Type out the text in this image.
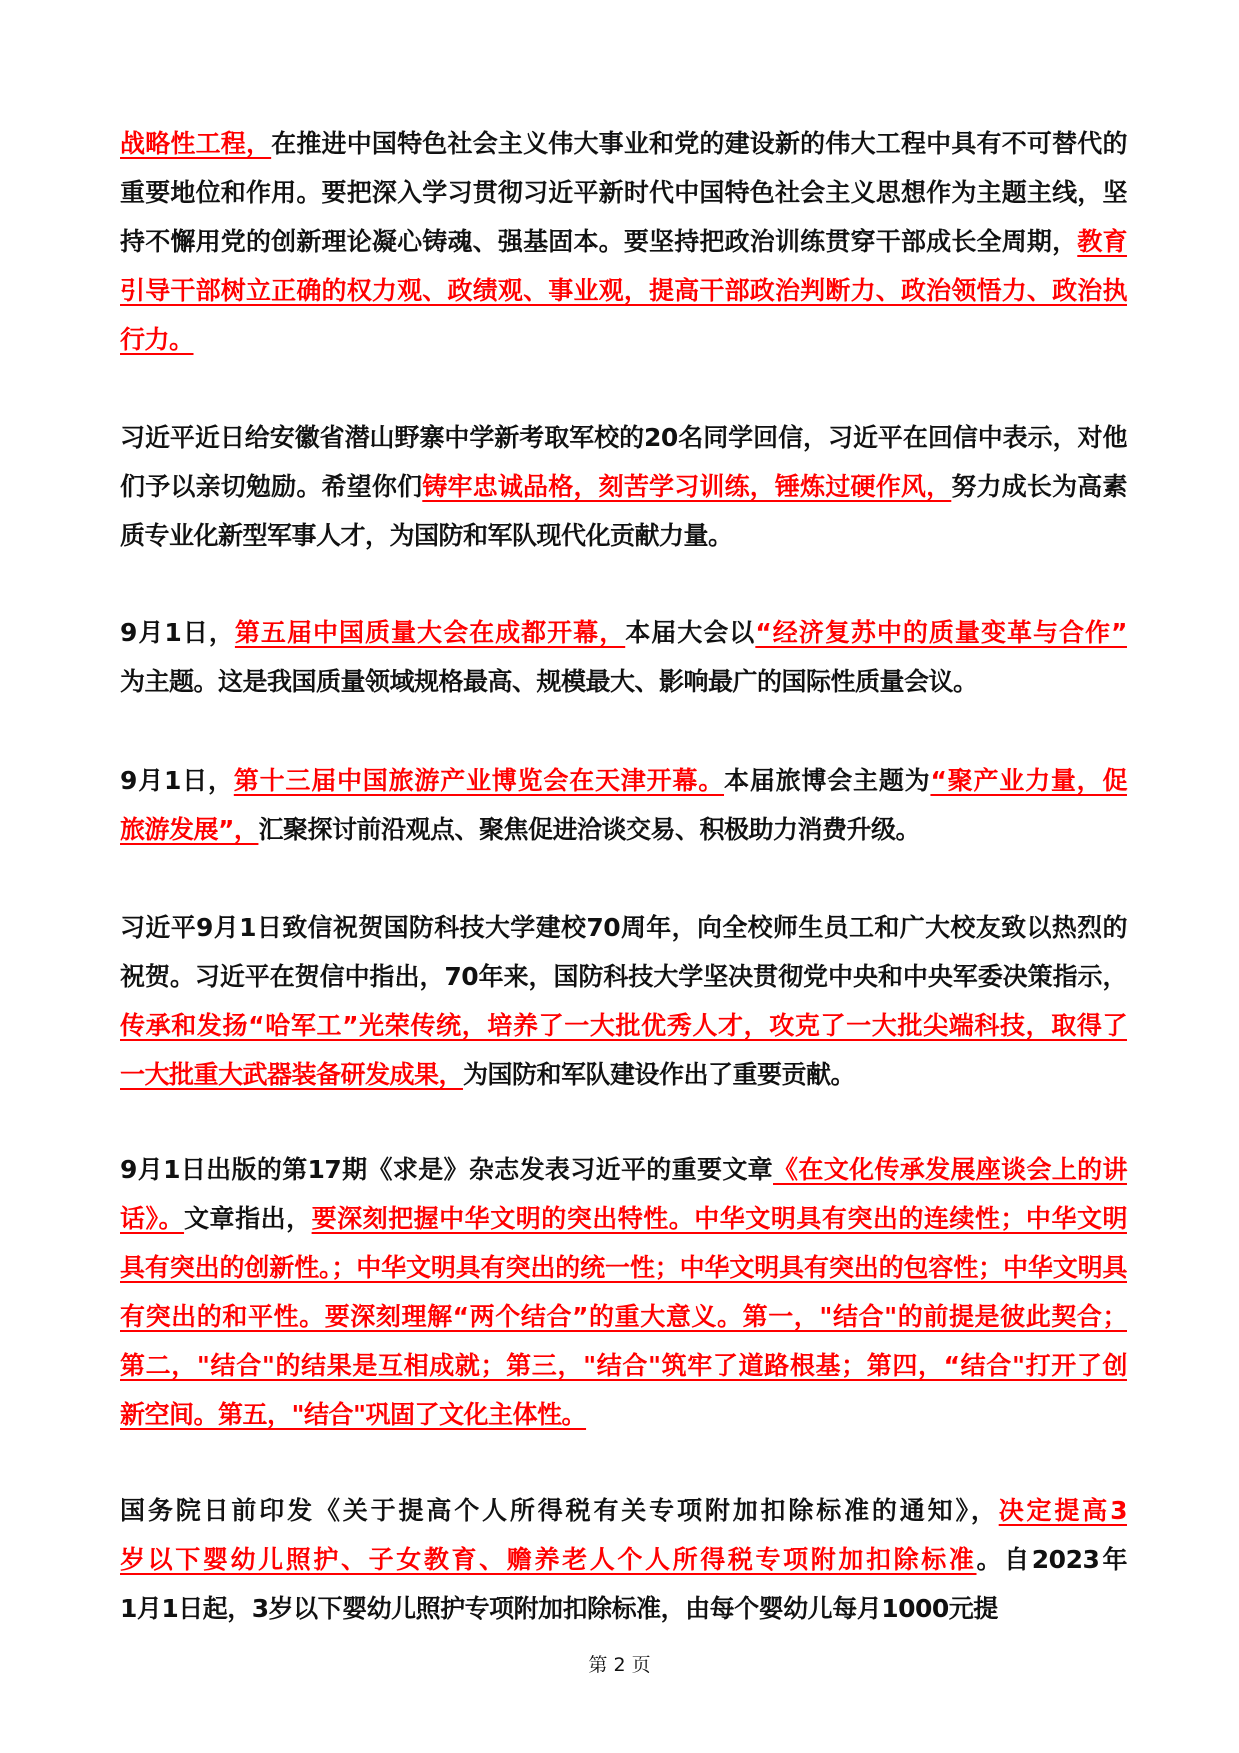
战略性工程，在推进中国特色社会主义伟大事业和党的建设新的伟大工程中具有不可替代的
重要地位和作用。要把深入学习贯彻习近平新时代中国特色社会主义思想作为主题主线，坚
持不懈用党的创新理论凝心铸魂、强基固本。要坚持把政治训练贯穿干部成长全周期，教育
引导干部树立正确的权力观、政绩观、事业观，提高干部政治判断力、政治领悟力、政治执
行力。
习近平近日给安徽省潜山野寨中学新考取军校的20名同学回信，习近平在回信中表示，对他
们予以亲切勉励。希望你们铸牢忠诚品格，刻苦学习训练，锤炼过硬作风，努力成长为高素
质专业化新型军事人才，为国防和军队现代化贡献力量。
9月1日，第五届中国质量大会在成都开幕，本届大会以“经济复苏中的质量变革与合作”
为主题。这是我国质量领域规格最高、规模最大、影响最广的国际性质量会议。
9月1日，第十三届中国旅游产业博览会在天津开幕。本届旅博会主题为“聚产业力量，促
旅游发展”，汇聚探讨前沿观点、聚焦促进洽谈交易、积极助力消费升级。
习近平9月1日致信祝贺国防科技大学建校70周年，向全校师生员工和广大校友致以热烈的
祝贺。习近平在贺信中指出，70年来，国防科技大学坚决贯彻党中央和中央军委决策指示，
传承和发扬“哈军工”光荣传统，培养了一大批优秀人才，攻克了一大批尖端科技，取得了
一大批重大武器装备研发成果，为国防和军队建设作出了重要贡献。
9月1日出版的第17期《求是》杂志发表习近平的重要文章《在文化传承发展座谈会上的讲
话》。文章指出，要深刻把握中华文明的突出特性。中华文明具有突出的连续性；中华文明
具有突出的创新性。；中华文明具有突出的统一性；中华文明具有突出的包容性；中华文明具
有突出的和平性。要深刻理解“两个结合”的重大意义。第一，"结合"的前提是彼此契合；
第二，"结合"的结果是互相成就；第三，"结合"筑牢了道路根基；第四，“结合"打开了创
新空间。第五，"结合"巩固了文化主体性。
国务院日前印发《关于提高个人所得税有关专项附加扣除标准的通知》，决定提高3
岁以下婴幼儿照护、子女教育、赡养老人个人所得税专项附加扣除标准。自2023年
1月1日起，3岁以下婴幼儿照护专项附加扣除标准，由每个婴幼儿每月1000元提
第 2 页
